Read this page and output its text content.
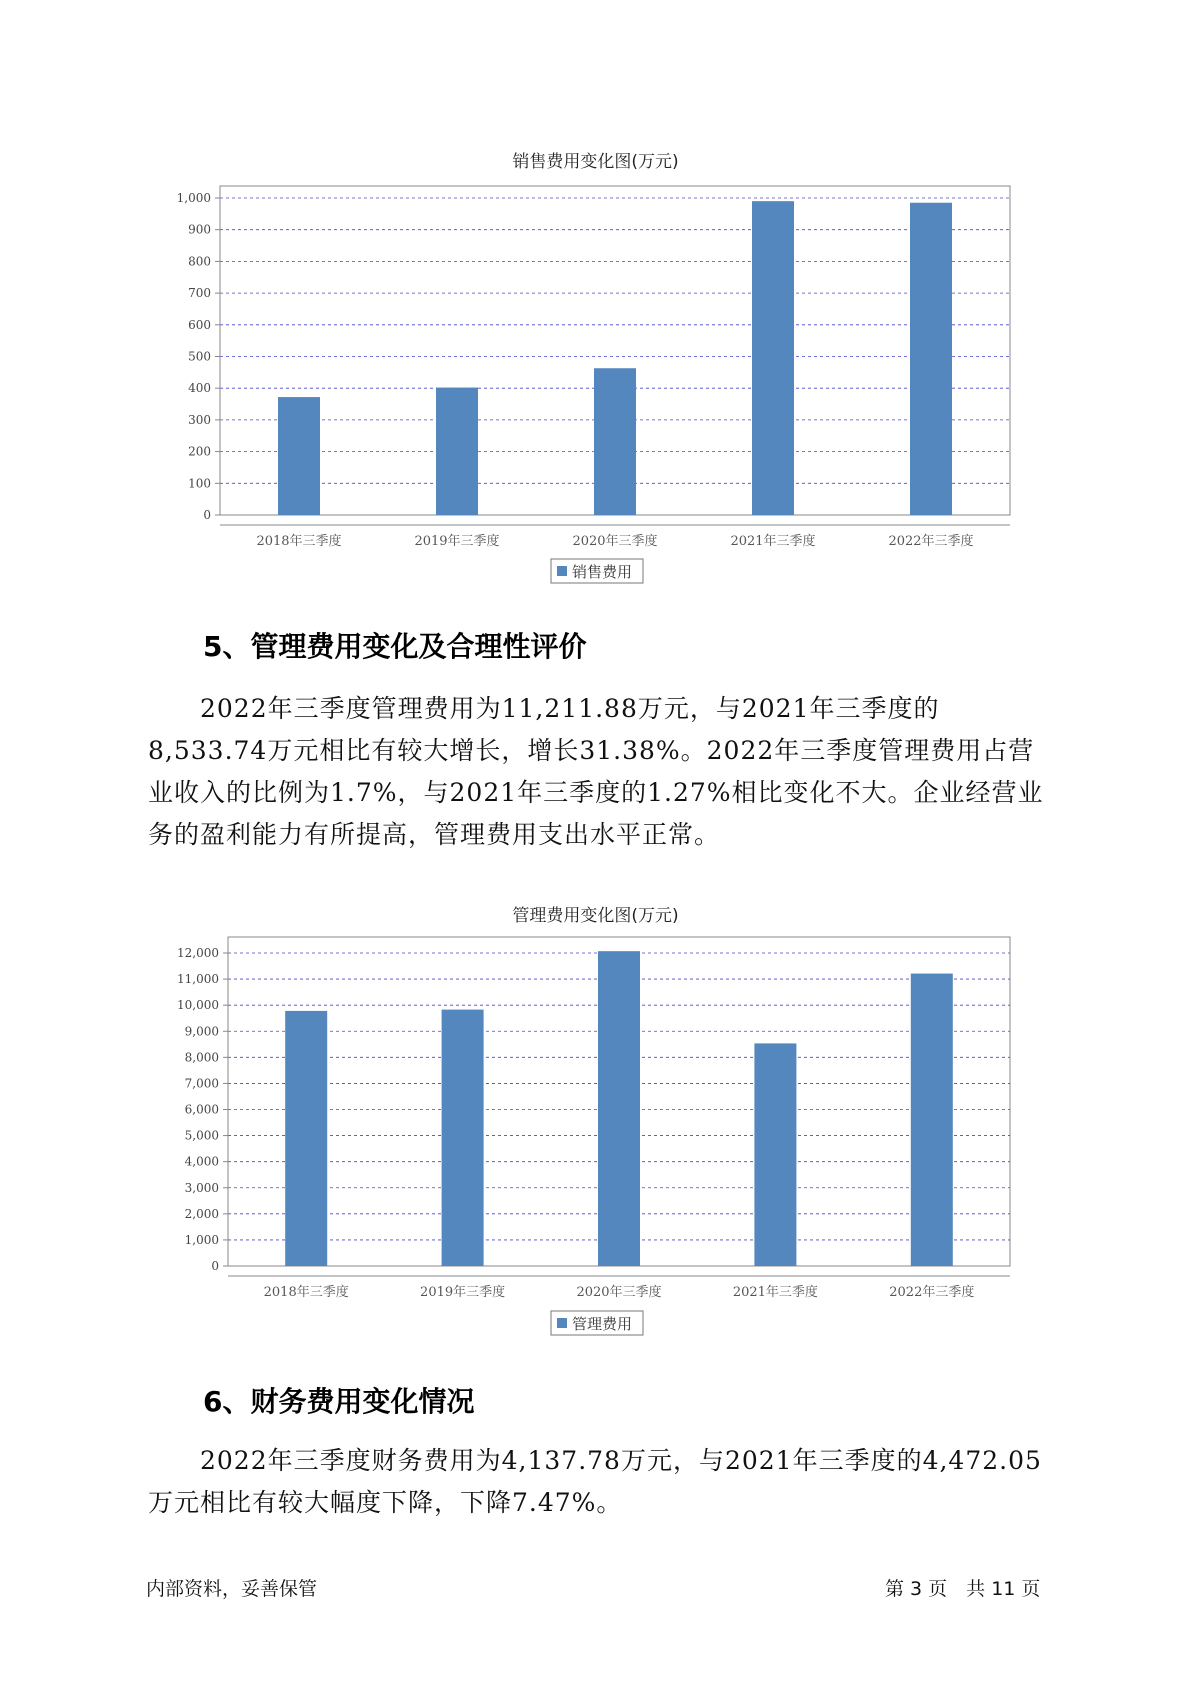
销售费用变化图(万元)
0
100
200
300
400
500
600
700
800
900
1,000
2018年三季度	2019年三季度	2020年三季度	2021年三季度	2022年三季度
销售费用
5、管理费用变化及合理性评价

2022年三季度管理费用为11,211.88万元，与2021年三季度的8,533.74万元相比有较大增长，增长31.38%。2022年三季度管理费用占营业收入的比例为1.7%，与2021年三季度的1.27%相比变化不大。企业经营业务的盈利能力有所提高，管理费用支出水平正常。

管理费用变化图(万元)
0
1,000
2,000
3,000
4,000
5,000
6,000
7,000
8,000
9,000
10,000
11,000
12,000
2018年三季度	2019年三季度	2020年三季度	2021年三季度	2022年三季度
管理费用
6、财务费用变化情况

2022年三季度财务费用为4,137.78万元，与2021年三季度的4,472.05万元相比有较大幅度下降，下降7.47%。

内部资料，妥善保管	第 3 页　共 11 页
